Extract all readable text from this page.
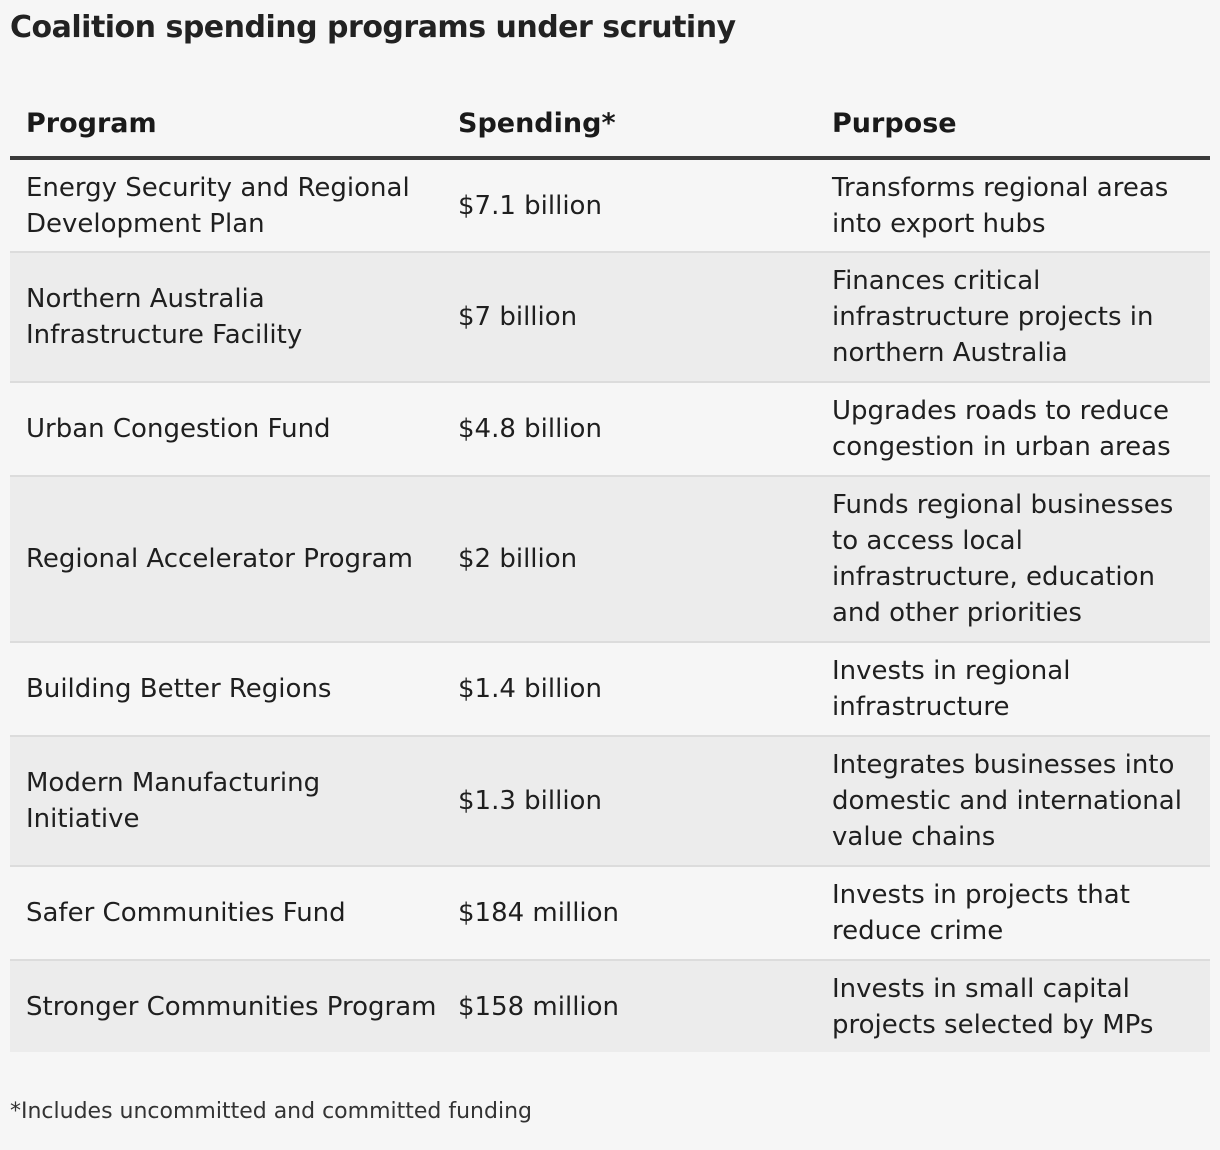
Coalition spending programs under scrutiny
Program	Spending*	Purpose
Energy Security and Regional Development Plan	$7.1 billion	Transforms regional areas into export hubs
Northern Australia Infrastructure Facility	$7 billion	Finances critical infrastructure projects in northern Australia
Urban Congestion Fund	$4.8 billion	Upgrades roads to reduce congestion in urban areas
Regional Accelerator Program	$2 billion	Funds regional businesses to access local infrastructure, education and other priorities
Building Better Regions	$1.4 billion	Invests in regional infrastructure
Modern Manufacturing Initiative	$1.3 billion	Integrates businesses into domestic and international value chains
Safer Communities Fund	$184 million	Invests in projects that reduce crime
Stronger Communities Program	$158 million	Invests in small capital projects selected by MPs
*Includes uncommitted and committed funding
